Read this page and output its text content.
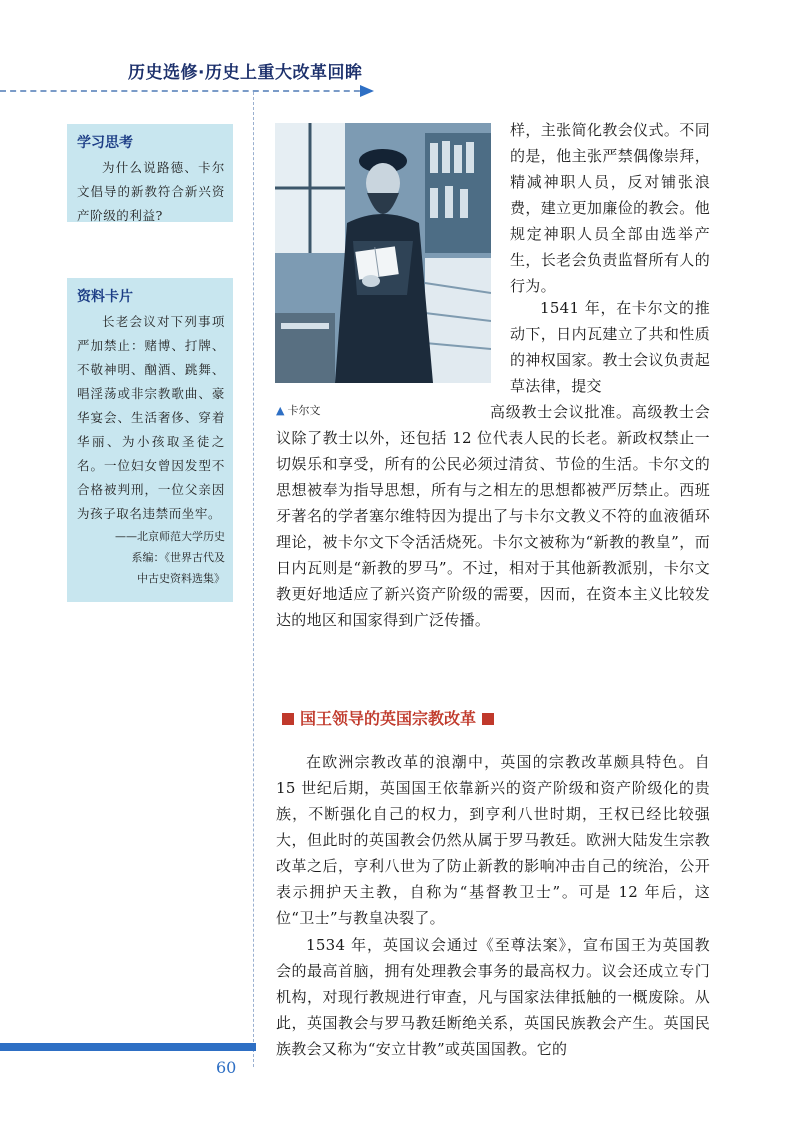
历史选修·历史上重大改革回眸
学习思考
为什么说路德、卡尔文倡导的新教符合新兴资产阶级的利益?
资料卡片
长老会议对下列事项严加禁止：赌博、打牌、不敬神明、酗酒、跳舞、唱淫荡或非宗教歌曲、豪华宴会、生活奢侈、穿着华丽、为小孩取圣徒之名。一位妇女曾因发型不合格被判刑，一位父亲因为孩子取名违禁而坐牢。
——北京师范大学历史
系编：《世界古代及
中古史资料选集》
▲ 卡尔文

样，主张简化教会仪式。不同的是，他主张严禁偶像崇拜，精减神职人员，反对铺张浪费，建立更加廉俭的教会。他规定神职人员全部由选举产生，长老会负责监督所有人的行为。

1541 年，在卡尔文的推动下，日内瓦建立了共和性质的神权国家。教士会议负责起草法律，提交

高级教士会议批准。高级教士会议除了教士以外，还包括 12 位代表人民的长老。新政权禁止一切娱乐和享受，所有的公民必须过清贫、节俭的生活。卡尔文的思想被奉为指导思想，所有与之相左的思想都被严厉禁止。西班牙著名的学者塞尔维特因为提出了与卡尔文教义不符的血液循环理论，被卡尔文下令活活烧死。卡尔文被称为“新教的教皇”，而日内瓦则是“新教的罗马”。不过，相对于其他新教派别，卡尔文教更好地适应了新兴资产阶级的需要，因而，在资本主义比较发达的地区和国家得到广泛传播。

国王领导的英国宗教改革

在欧洲宗教改革的浪潮中，英国的宗教改革颇具特色。自 15 世纪后期，英国国王依靠新兴的资产阶级和资产阶级化的贵族，不断强化自己的权力，到亨利八世时期，王权已经比较强大，但此时的英国教会仍然从属于罗马教廷。欧洲大陆发生宗教改革之后，亨利八世为了防止新教的影响冲击自己的统治，公开表示拥护天主教，自称为“基督教卫士”。可是 12 年后，这位“卫士”与教皇决裂了。

1534 年，英国议会通过《至尊法案》，宣布国王为英国教会的最高首脑，拥有处理教会事务的最高权力。议会还成立专门机构，对现行教规进行审查，凡与国家法律抵触的一概废除。从此，英国教会与罗马教廷断绝关系，英国民族教会产生。英国民族教会又称为“安立甘教”或英国国教。它的

60
